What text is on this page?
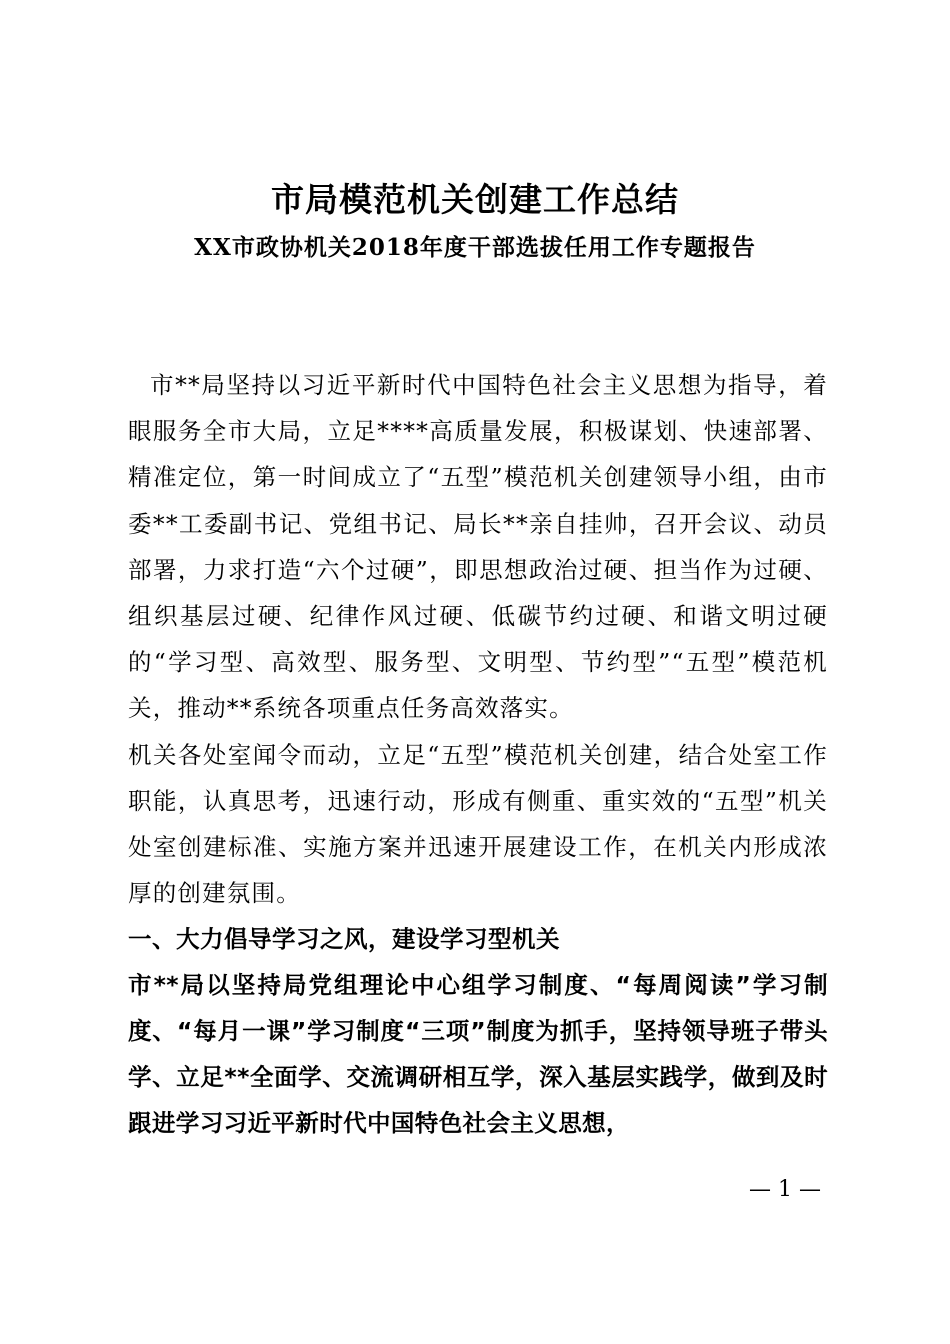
市局模范机关创建工作总结
XX市政协机关2018年度干部选拔任用工作专题报告

市**局坚持以习近平新时代中国特色社会主义思想为指导，着眼服务全市大局，立足****高质量发展，积极谋划、快速部署、精准定位，第一时间成立了“五型”模范机关创建领导小组，由市委**工委副书记、党组书记、局长**亲自挂帅，召开会议、动员部署，力求打造“六个过硬”，即思想政治过硬、担当作为过硬、组织基层过硬、纪律作风过硬、低碳节约过硬、和谐文明过硬的“学习型、高效型、服务型、文明型、节约型”“五型”模范机关，推动**系统各项重点任务高效落实。

机关各处室闻令而动，立足“五型”模范机关创建，结合处室工作职能，认真思考，迅速行动，形成有侧重、重实效的“五型”机关处室创建标准、实施方案并迅速开展建设工作，在机关内形成浓厚的创建氛围。

一、大力倡导学习之风，建设学习型机关

市**局以坚持局党组理论中心组学习制度、“每周阅读”学习制度、“每月一课”学习制度“三项”制度为抓手，坚持领导班子带头学、立足**全面学、交流调研相互学，深入基层实践学，做到及时跟进学习习近平新时代中国特色社会主义思想，

— 1 —
